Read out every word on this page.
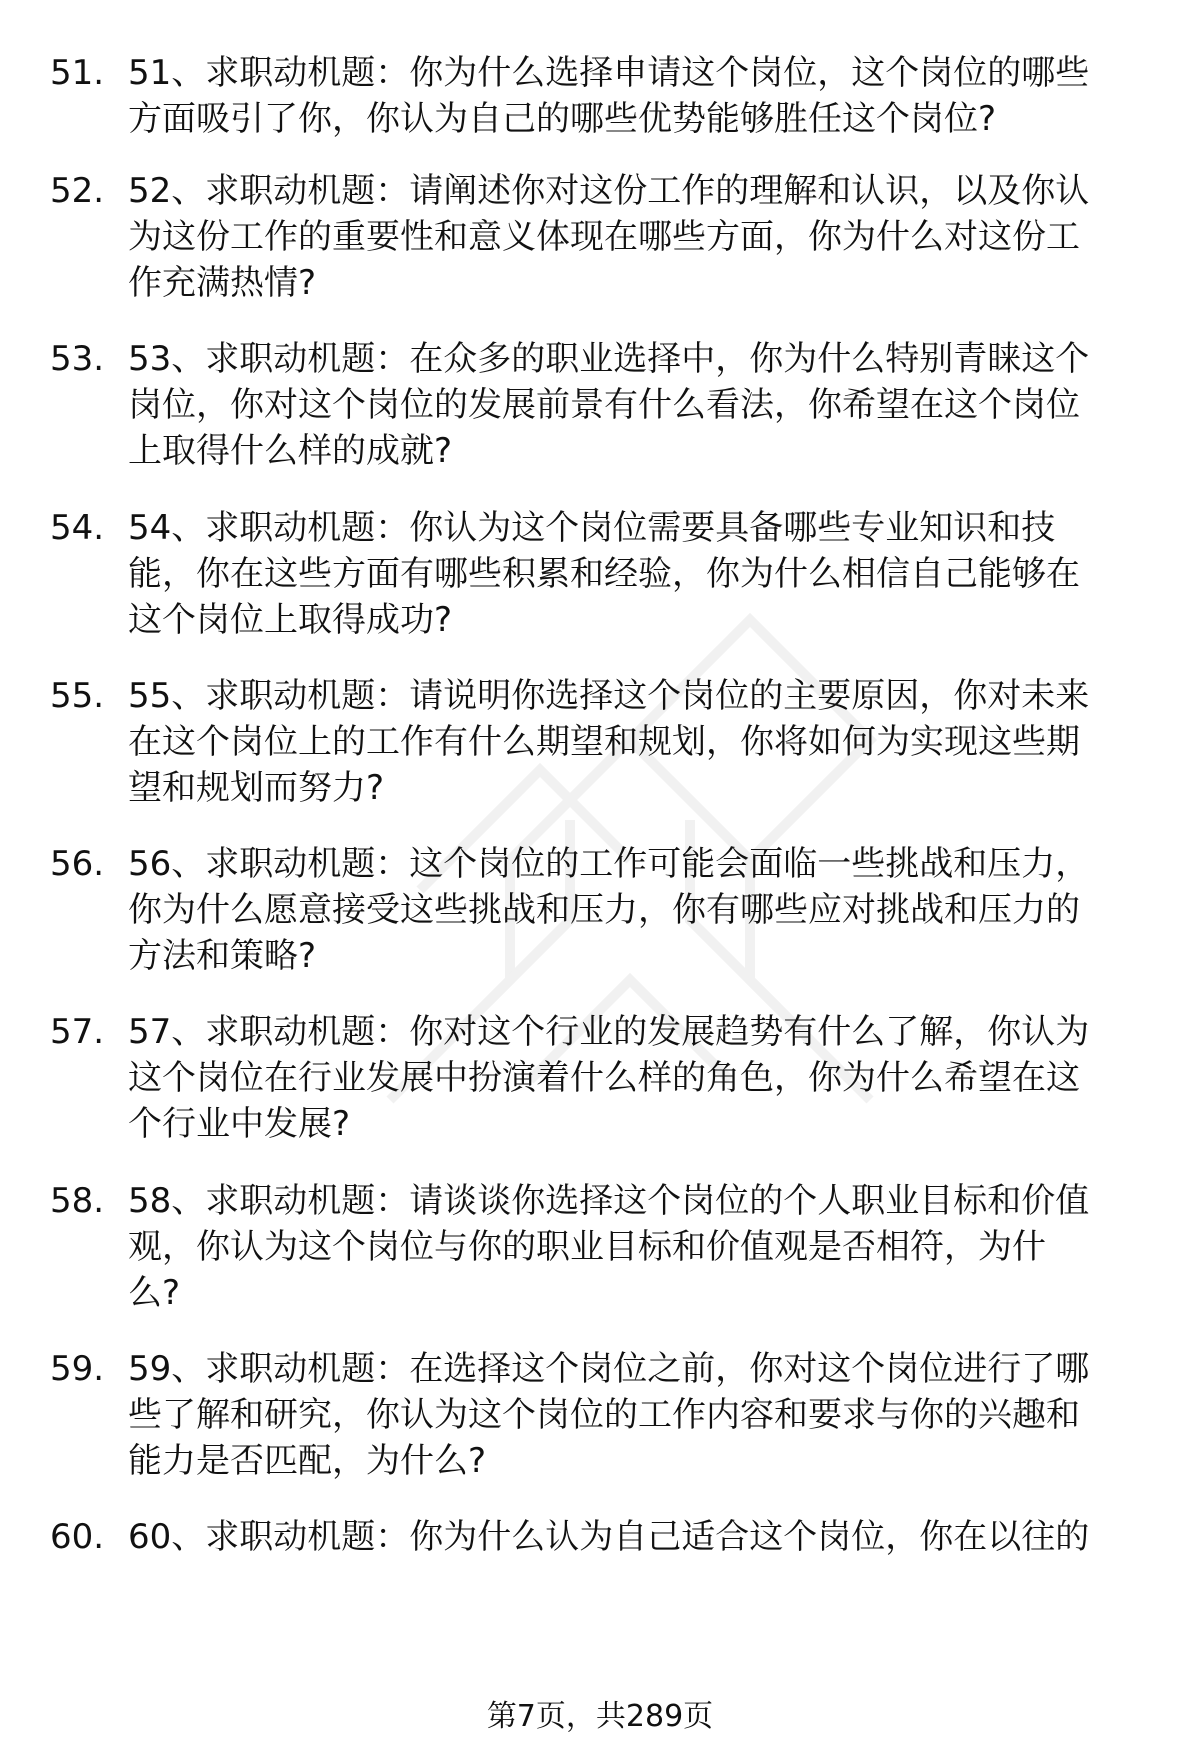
51. 51、求职动机题：你为什么选择申请这个岗位，这个岗位的哪些
方面吸引了你，你认为自己的哪些优势能够胜任这个岗位?
52. 52、求职动机题：请阐述你对这份工作的理解和认识，以及你认
为这份工作的重要性和意义体现在哪些方面，你为什么对这份工
作充满热情?
53. 53、求职动机题：在众多的职业选择中，你为什么特别青睐这个
岗位，你对这个岗位的发展前景有什么看法，你希望在这个岗位
上取得什么样的成就?
54. 54、求职动机题：你认为这个岗位需要具备哪些专业知识和技
能，你在这些方面有哪些积累和经验，你为什么相信自己能够在
这个岗位上取得成功?
55. 55、求职动机题：请说明你选择这个岗位的主要原因，你对未来
在这个岗位上的工作有什么期望和规划，你将如何为实现这些期
望和规划而努力?
56. 56、求职动机题：这个岗位的工作可能会面临一些挑战和压力，
你为什么愿意接受这些挑战和压力，你有哪些应对挑战和压力的
方法和策略?
57. 57、求职动机题：你对这个行业的发展趋势有什么了解，你认为
这个岗位在行业发展中扮演着什么样的角色，你为什么希望在这
个行业中发展?
58. 58、求职动机题：请谈谈你选择这个岗位的个人职业目标和价值
观，你认为这个岗位与你的职业目标和价值观是否相符，为什
么?
59. 59、求职动机题：在选择这个岗位之前，你对这个岗位进行了哪
些了解和研究，你认为这个岗位的工作内容和要求与你的兴趣和
能力是否匹配，为什么?
60. 60、求职动机题：你为什么认为自己适合这个岗位，你在以往的
第7页，共289页
